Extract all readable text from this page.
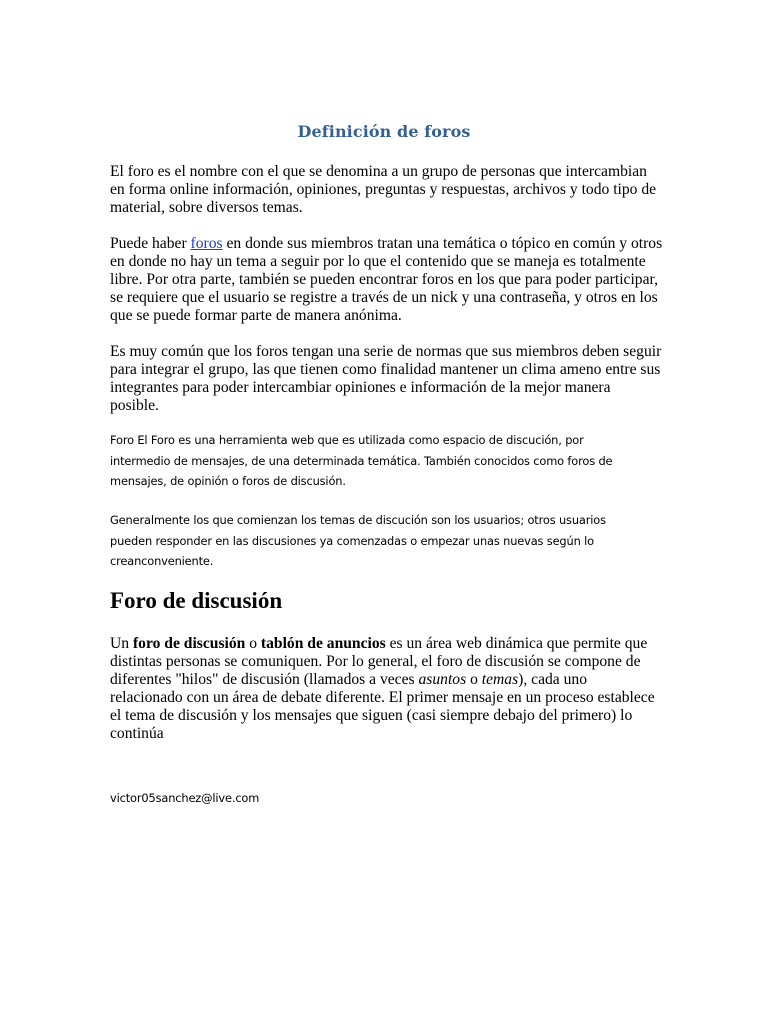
Definición de foros

El foro es el nombre con el que se denomina a un grupo de personas que intercambian
en forma online información, opiniones, preguntas y respuestas, archivos y todo tipo de
material, sobre diversos temas.

Puede haber foros en donde sus miembros tratan una temática o tópico en común y otros
en donde no hay un tema a seguir por lo que el contenido que se maneja es totalmente
libre. Por otra parte, también se pueden encontrar foros en los que para poder participar,
se requiere que el usuario se registre a través de un nick y una contraseña, y otros en los
que se puede formar parte de manera anónima.

Es muy común que los foros tengan una serie de normas que sus miembros deben seguir
para integrar el grupo, las que tienen como finalidad mantener un clima ameno entre sus
integrantes para poder intercambiar opiniones e información de la mejor manera
posible.

Foro El Foro es una herramienta web que es utilizada como espacio de discución, por
intermedio de mensajes, de una determinada temática. También conocidos como foros de
mensajes, de opinión o foros de discusión.

Generalmente los que comienzan los temas de discución son los usuarios; otros usuarios
pueden responder en las discusiones ya comenzadas o empezar unas nuevas según lo
creanconveniente.

Foro de discusión

Un foro de discusión o tablón de anuncios es un área web dinámica que permite que
distintas personas se comuniquen. Por lo general, el foro de discusión se compone de
diferentes "hilos" de discusión (llamados a veces asuntos o temas), cada uno
relacionado con un área de debate diferente. El primer mensaje en un proceso establece
el tema de discusión y los mensajes que siguen (casi siempre debajo del primero) lo
continúa

victor05sanchez@live.com
